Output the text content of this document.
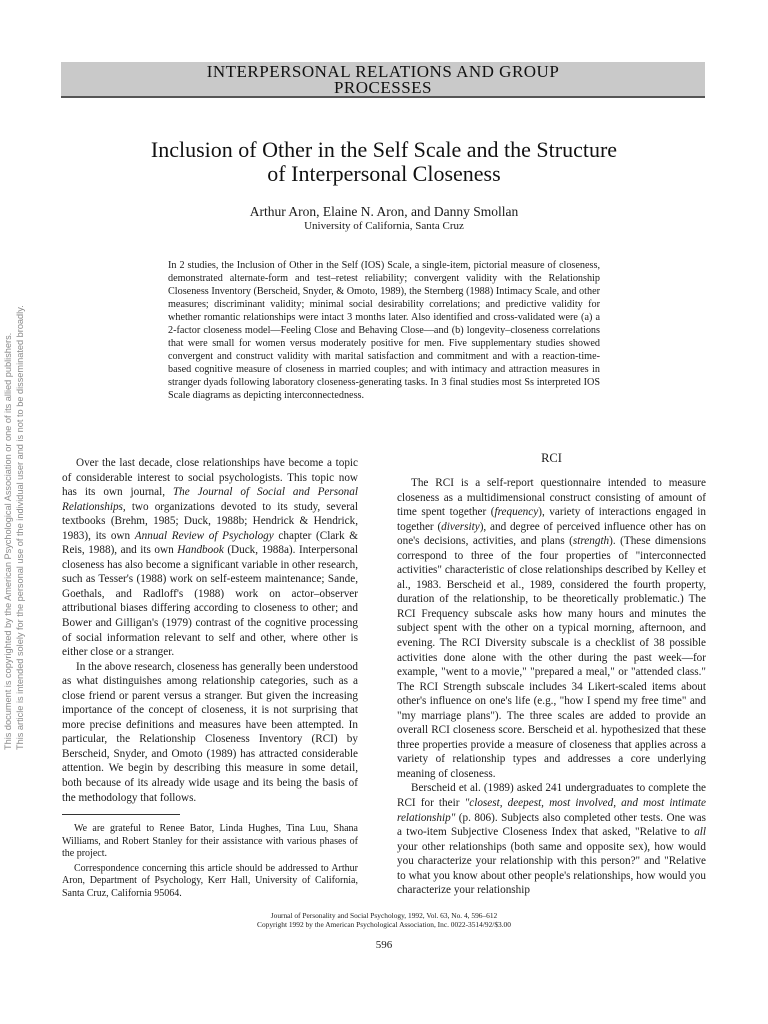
This document is copyrighted by the American Psychological Association or one of its allied publishers. This article is intended solely for the personal use of the individual user and is not to be disseminated broadly.
INTERPERSONAL RELATIONS AND GROUP
PROCESSES
Inclusion of Other in the Self Scale and the Structure
of Interpersonal Closeness
Arthur Aron, Elaine N. Aron, and Danny Smollan
University of California, Santa Cruz

In 2 studies, the Inclusion of Other in the Self (IOS) Scale, a single-item, pictorial measure of closeness, demonstrated alternate-form and test–retest reliability; convergent validity with the Relationship Closeness Inventory (Berscheid, Snyder, & Omoto, 1989), the Sternberg (1988) Intimacy Scale, and other measures; discriminant validity; minimal social desirability correlations; and predictive validity for whether romantic relationships were intact 3 months later. Also identified and cross-validated were (a) a 2-factor closeness model—Feeling Close and Behaving Close—and (b) longevity–closeness correlations that were small for women versus moderately positive for men. Five supplementary studies showed convergent and construct validity with marital satisfaction and commitment and with a reaction-time-based cognitive measure of closeness in married couples; and with intimacy and attraction measures in stranger dyads following laboratory closeness-generating tasks. In 3 final studies most Ss interpreted IOS Scale diagrams as depicting interconnectedness.

Over the last decade, close relationships have become a topic of considerable interest to social psychologists. This topic now has its own journal, The Journal of Social and Personal Relationships, two organizations devoted to its study, several textbooks (Brehm, 1985; Duck, 1988b; Hendrick & Hendrick, 1983), its own Annual Review of Psychology chapter (Clark & Reis, 1988), and its own Handbook (Duck, 1988a). Interpersonal closeness has also become a significant variable in other research, such as Tesser's (1988) work on self-esteem maintenance; Sande, Goethals, and Radloff's (1988) work on actor–observer attributional biases differing according to closeness to other; and Bower and Gilligan's (1979) contrast of the cognitive processing of social information relevant to self and other, where other is either close or a stranger.

In the above research, closeness has generally been understood as what distinguishes among relationship categories, such as a close friend or parent versus a stranger. But given the increasing importance of the concept of closeness, it is not surprising that more precise definitions and measures have been attempted. In particular, the Relationship Closeness Inventory (RCI) by Berscheid, Snyder, and Omoto (1989) has attracted considerable attention. We begin by describing this measure in some detail, both because of its already wide usage and its being the basis of the methodology that follows.

We are grateful to Renee Bator, Linda Hughes, Tina Luu, Shana Williams, and Robert Stanley for their assistance with various phases of the project.

Correspondence concerning this article should be addressed to Arthur Aron, Department of Psychology, Kerr Hall, University of California, Santa Cruz, California 95064.

RCI

The RCI is a self-report questionnaire intended to measure closeness as a multidimensional construct consisting of amount of time spent together (frequency), variety of interactions engaged in together (diversity), and degree of perceived influence other has on one's decisions, activities, and plans (strength). (These dimensions correspond to three of the four properties of "interconnected activities" characteristic of close relationships described by Kelley et al., 1983. Berscheid et al., 1989, considered the fourth property, duration of the relationship, to be theoretically problematic.) The RCI Frequency subscale asks how many hours and minutes the subject spent with the other on a typical morning, afternoon, and evening. The RCI Diversity subscale is a checklist of 38 possible activities done alone with the other during the past week—for example, "went to a movie," "prepared a meal," or "attended class." The RCI Strength subscale includes 34 Likert-scaled items about other's influence on one's life (e.g., "how I spend my free time" and "my marriage plans"). The three scales are added to provide an overall RCI closeness score. Berscheid et al. hypothesized that these three properties provide a measure of closeness that applies across a variety of relationship types and addresses a core underlying meaning of closeness.

Berscheid et al. (1989) asked 241 undergraduates to complete the RCI for their "closest, deepest, most involved, and most intimate relationship" (p. 806). Subjects also completed other tests. One was a two-item Subjective Closeness Index that asked, "Relative to all your other relationships (both same and opposite sex), how would you characterize your relationship with this person?" and "Relative to what you know about other people's relationships, how would you characterize your relationship

Journal of Personality and Social Psychology, 1992, Vol. 63, No. 4, 596–612
Copyright 1992 by the American Psychological Association, Inc. 0022-3514/92/$3.00
596
